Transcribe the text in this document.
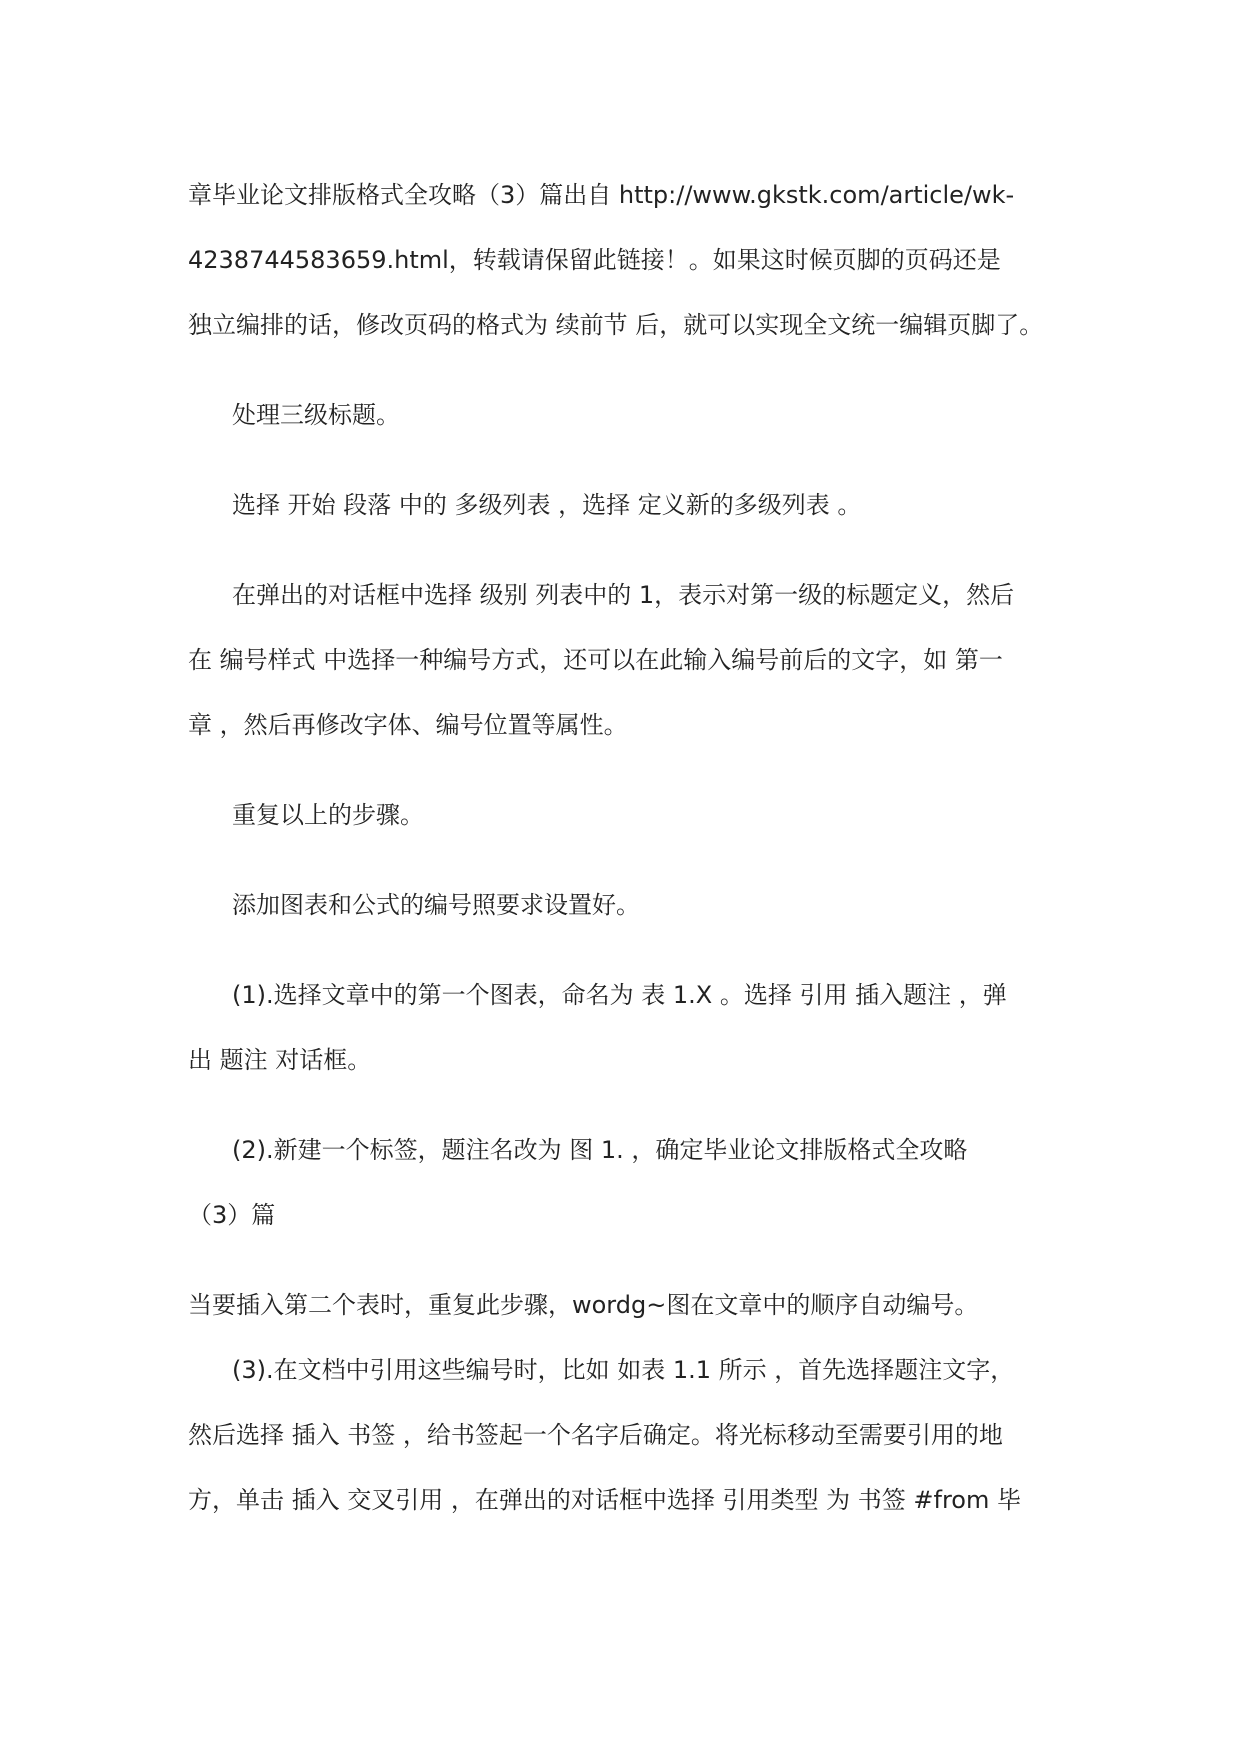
章毕业论文排版格式全攻略（3）篇出自 http://www.gkstk.com/article/wk-
4238744583659.html，转载请保留此链接！。如果这时候页脚的页码还是
独立编排的话，修改页码的格式为 续前节 后，就可以实现全文统一编辑页脚了。
处理三级标题。
选择 开始 段落 中的 多级列表 ，选择 定义新的多级列表 。
在弹出的对话框中选择 级别 列表中的 1，表示对第一级的标题定义，然后
在 编号样式 中选择一种编号方式，还可以在此输入编号前后的文字，如 第一
章 ，然后再修改字体、编号位置等属性。
重复以上的步骤。
添加图表和公式的编号照要求设置好。
(1).选择文章中的第一个图表，命名为 表 1.X 。选择 引用 插入题注 ，弹
出 题注 对话框。
(2).新建一个标签，题注名改为 图 1. ，确定毕业论文排版格式全攻略
（3）篇
当要插入第二个表时，重复此步骤，wordg~图在文章中的顺序自动编号。
(3).在文档中引用这些编号时，比如 如表 1.1 所示 ，首先选择题注文字，
然后选择 插入 书签 ，给书签起一个名字后确定。将光标移动至需要引用的地
方，单击 插入 交叉引用 ，在弹出的对话框中选择 引用类型 为 书签 #from 毕
